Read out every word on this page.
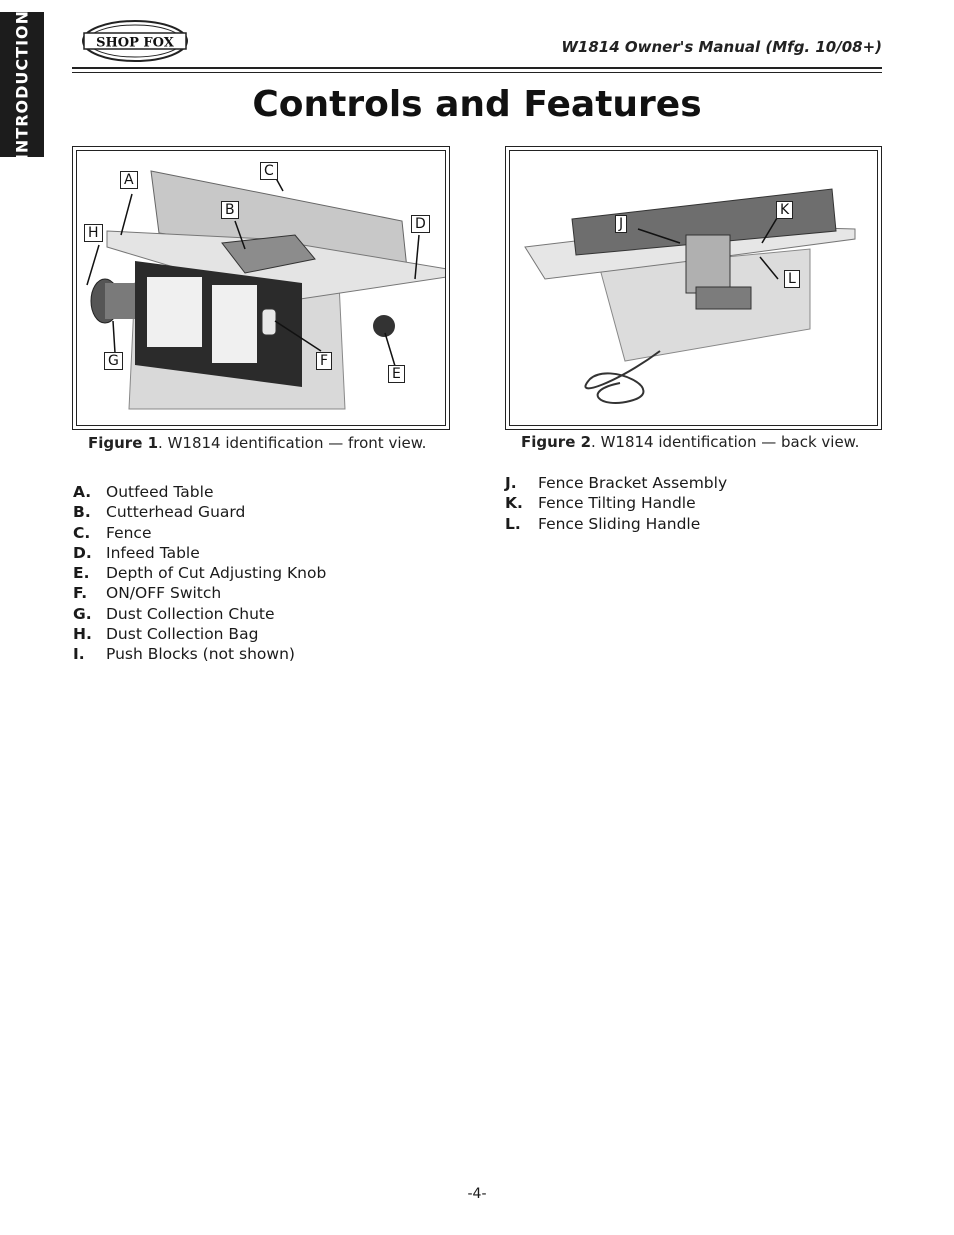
INTRODUCTION	SHOP FOX	W1814 Owner's Manual (Mfg. 10/08+)
Controls and Features
A
B
C
D
E
F
G
H
Figure 1. W1814 identification — front view.
J
K
L
Figure 2. W1814 identification — back view.
A. Outfeed Table
B. Cutterhead Guard
C. Fence
D. Infeed Table
E. Depth of Cut Adjusting Knob
F. ON/OFF Switch
G. Dust Collection Chute
H. Dust Collection Bag
I. Push Blocks (not shown)
J. Fence Bracket Assembly
K. Fence Tilting Handle
L. Fence Sliding Handle
-4-
